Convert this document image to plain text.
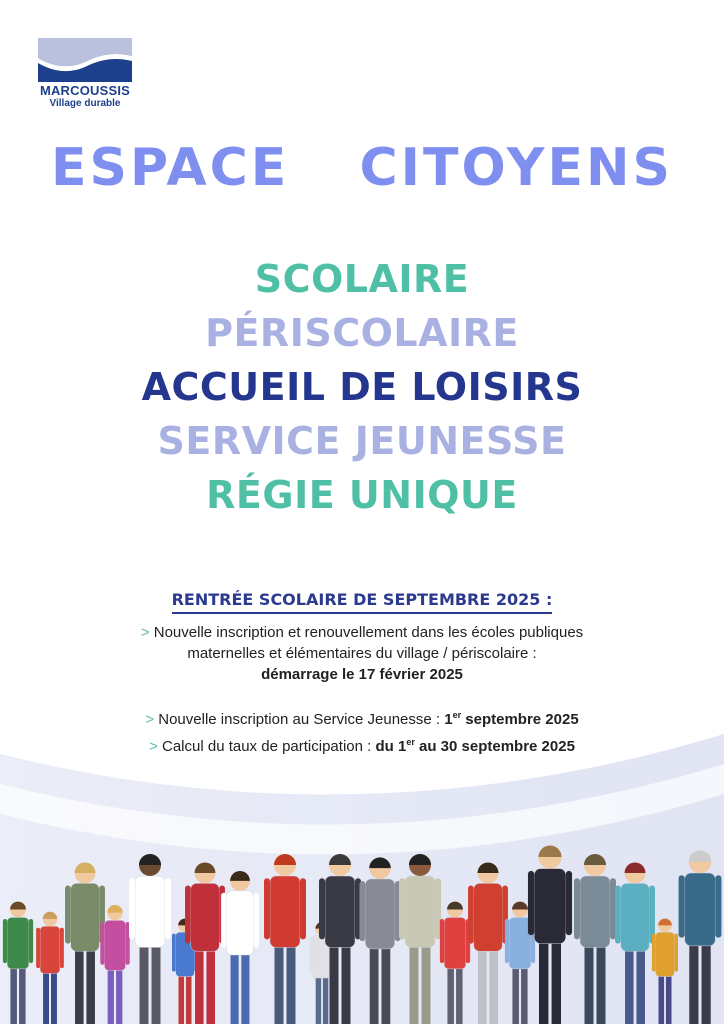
MARCOUSSIS
Village durable
ESPACE  CITOYENS
SCOLAIRE
PÉRISCOLAIRE
ACCUEIL DE LOISIRS
SERVICE JEUNESSE
RÉGIE UNIQUE
RENTRÉE SCOLAIRE DE SEPTEMBRE 2025 :
> Nouvelle inscription et renouvellement dans les écoles publiques
maternelles et élémentaires du village / périscolaire :
démarrage le 17 février 2025
> Nouvelle inscription au Service Jeunesse : 1er septembre 2025
> Calcul du taux de participation : du 1er au 30 septembre 2025
